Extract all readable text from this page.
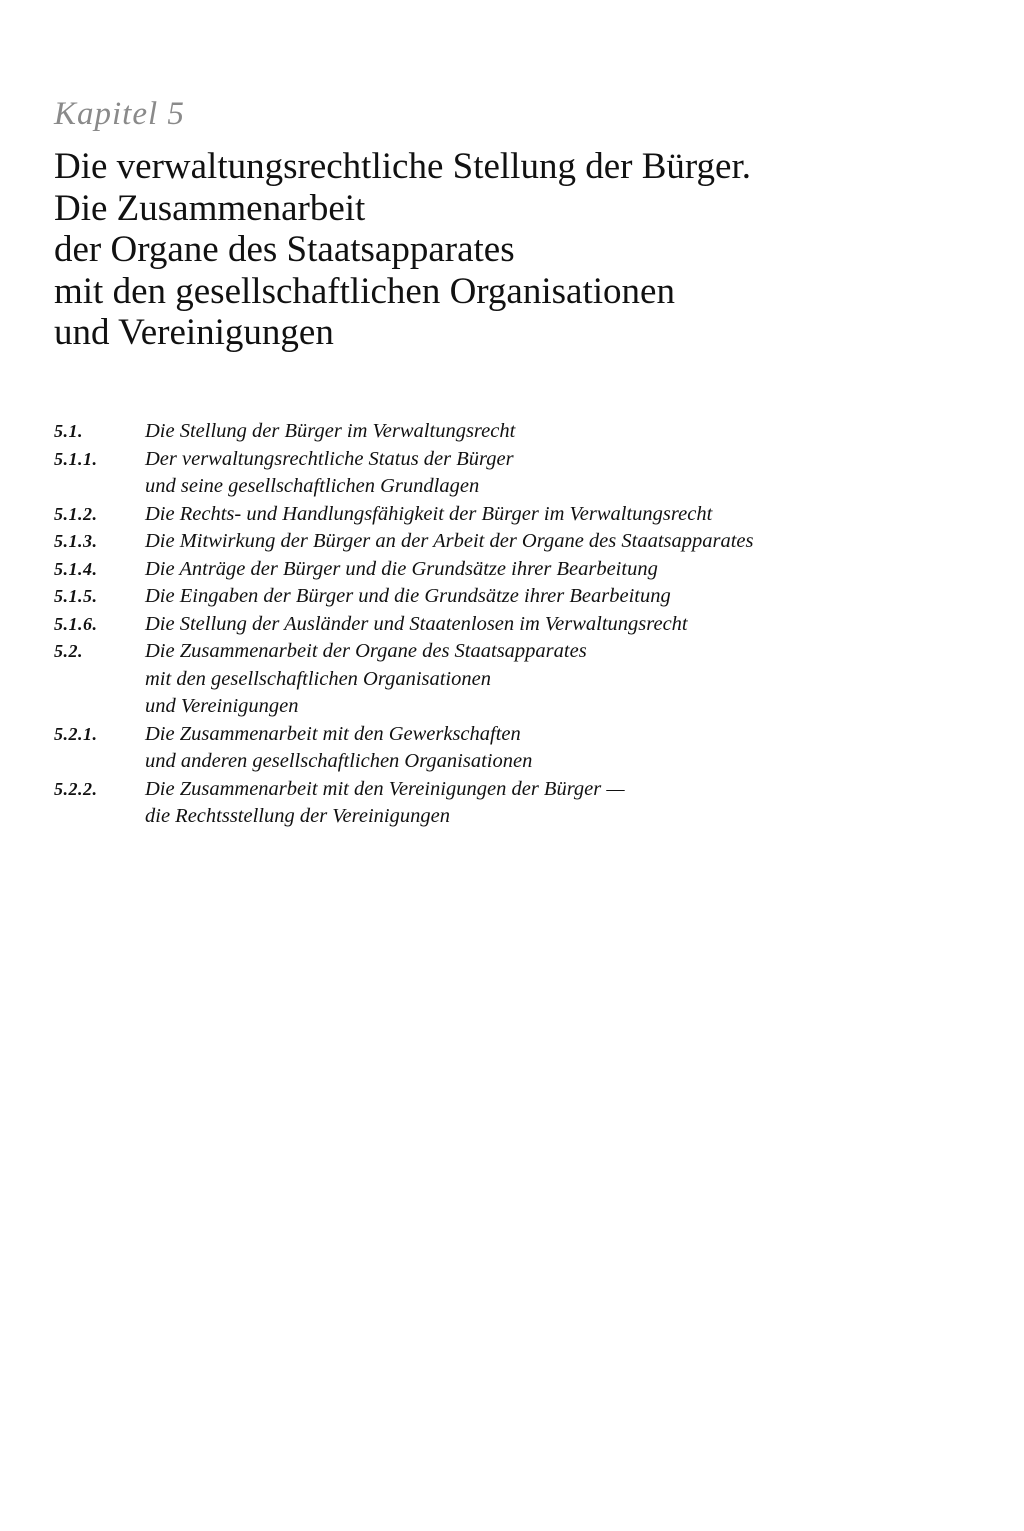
Kapitel 5
Die verwaltungsrechtliche Stellung der Bürger.
Die Zusammenarbeit
der Organe des Staatsapparates
mit den gesellschaftlichen Organisationen
und Vereinigungen
5.1.	Die Stellung der Bürger im Verwaltungsrecht
5.1.1.	Der verwaltungsrechtliche Status der Bürger
und seine gesellschaftlichen Grundlagen
5.1.2.	Die Rechts- und Handlungsfähigkeit der Bürger im Verwaltungsrecht
5.1.3.	Die Mitwirkung der Bürger an der Arbeit der Organe des Staatsapparates
5.1.4.	Die Anträge der Bürger und die Grundsätze ihrer Bearbeitung
5.1.5.	Die Eingaben der Bürger und die Grundsätze ihrer Bearbeitung
5.1.6.	Die Stellung der Ausländer und Staatenlosen im Verwaltungsrecht
5.2.	Die Zusammenarbeit der Organe des Staatsapparates
mit den gesellschaftlichen Organisationen
und Vereinigungen
5.2.1.	Die Zusammenarbeit mit den Gewerkschaften
und anderen gesellschaftlichen Organisationen
5.2.2.	Die Zusammenarbeit mit den Vereinigungen der Bürger —
die Rechtsstellung der Vereinigungen
